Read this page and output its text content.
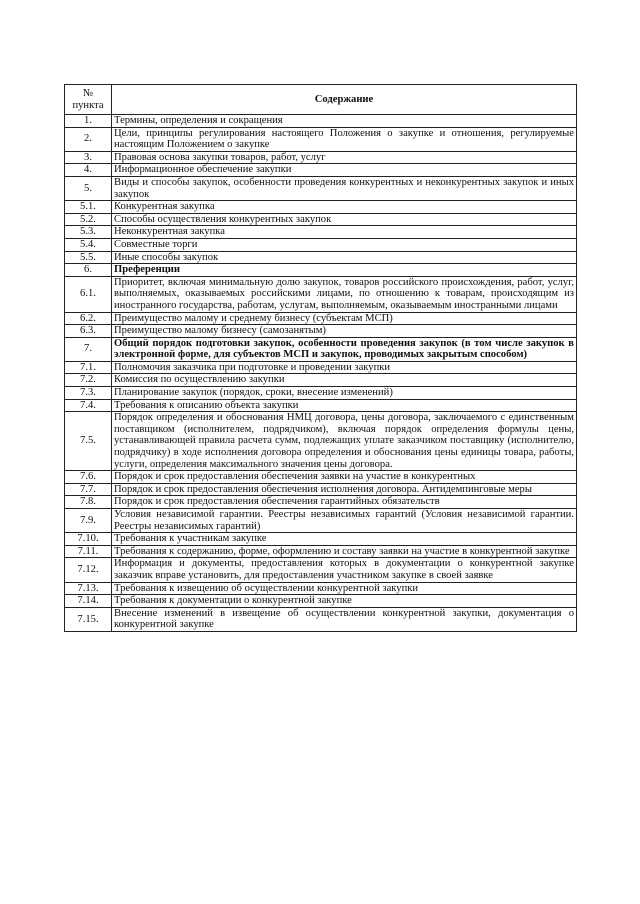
№
пункта	Содержание
1.	Термины, определения и сокращения
2.	Цели, принципы регулирования настоящего Положения о закупке и отношения, регулируемые настоящим Положением о закупке
3.	Правовая основа закупки товаров, работ, услуг
4.	Информационное обеспечение закупки
5.	Виды и способы закупок, особенности проведения конкурентных и неконкурентных закупок и иных закупок
5.1.	Конкурентная закупка
5.2.	Способы осуществления конкурентных закупок
5.3.	Неконкурентная закупка
5.4.	Совместные торги
5.5.	Иные способы закупок
6.	Преференции
6.1.	Приоритет, включая минимальную долю закупок, товаров российского происхождения, работ, услуг, выполняемых, оказываемых российскими лицами, по отношению к товарам, происходящим из иностранного государства, работам, услугам, выполняемым, оказываемым иностранными лицами
6.2.	Преимущество малому и среднему бизнесу (субъектам МСП)
6.3.	Преимущество малому бизнесу (самозанятым)
7.	Общий порядок подготовки закупок, особенности проведения закупок (в том числе закупок в электронной форме, для субъектов МСП и закупок, проводимых закрытым способом)
7.1.	Полномочия заказчика при подготовке и проведении закупки
7.2.	Комиссия по осуществлению закупки
7.3.	Планирование закупок (порядок, сроки, внесение изменений)
7.4.	Требования к описанию объекта закупки
7.5.	Порядок определения и обоснования НМЦ договора, цены договора, заключаемого с единственным поставщиком (исполнителем, подрядчиком), включая порядок определения формулы цены, устанавливающей правила расчета сумм, подлежащих уплате заказчиком поставщику (исполнителю, подрядчику) в ходе исполнения договора определения и обоснования цены единицы товара, работы, услуги, определения максимального значения цены договора.
7.6.	Порядок и срок предоставления обеспечения заявки на участие в конкурентных
7.7.	Порядок и срок предоставления обеспечения исполнения договора. Антидемпинговые меры
7.8.	Порядок и срок предоставления обеспечения гарантийных обязательств
7.9.	Условия независимой гарантии. Реестры независимых гарантий (Условия независимой гарантии. Реестры независимых гарантий)
7.10.	Требования к участникам закупке
7.11.	Требования к содержанию, форме, оформлению и составу заявки на участие в конкурентной закупке
7.12.	Информация и документы, предоставления которых в документации о конкурентной закупке заказчик вправе установить, для предоставления участником закупке в своей заявке
7.13.	Требования к извещению об осуществлении конкурентной закупки
7.14.	Требования к документации о конкурентной закупке
7.15.	Внесение изменений в извещение об осуществлении конкурентной закупки, документация о конкурентной закупке
